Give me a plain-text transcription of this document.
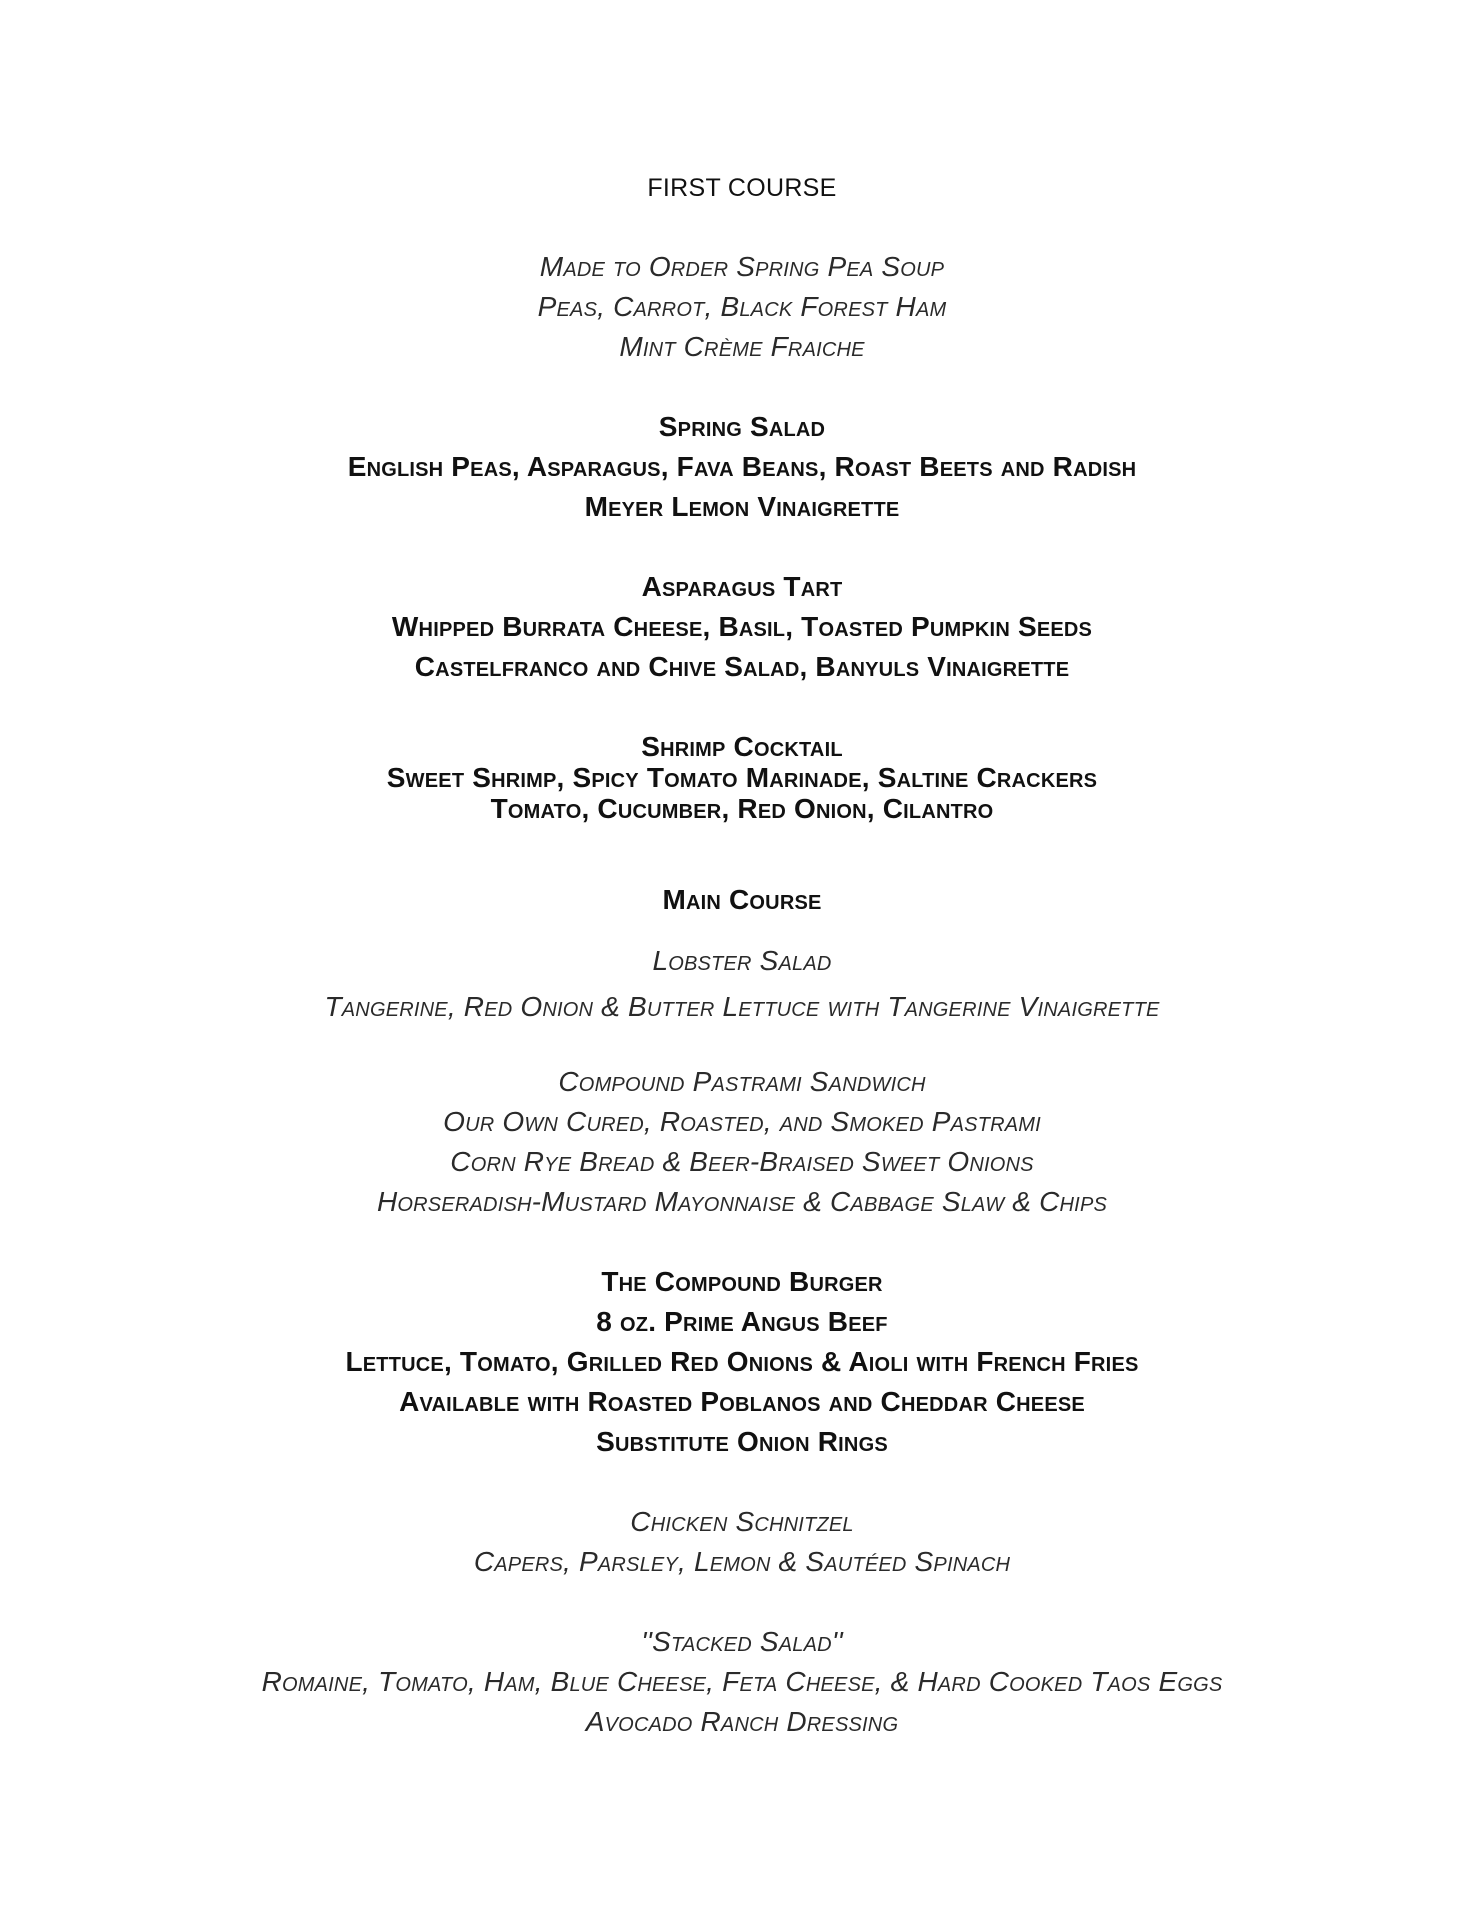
FIRST COURSE
Made to Order Spring Pea Soup
Peas, Carrot, Black Forest Ham
Mint Crème Fraiche
Spring Salad
English Peas, Asparagus, Fava Beans, Roast Beets and Radish
Meyer Lemon Vinaigrette
Asparagus Tart
Whipped Burrata Cheese, Basil, Toasted Pumpkin Seeds
Castelfranco and Chive Salad, Banyuls Vinaigrette
Shrimp Cocktail
Sweet Shrimp, Spicy Tomato Marinade, Saltine Crackers
Tomato, Cucumber, Red Onion, Cilantro
Main Course
Lobster Salad
Tangerine, Red Onion & Butter Lettuce with Tangerine Vinaigrette
Compound Pastrami Sandwich
Our Own Cured, Roasted, and Smoked Pastrami
Corn Rye Bread & Beer-Braised Sweet Onions
Horseradish-Mustard Mayonnaise & Cabbage Slaw & Chips
The Compound Burger
8 oz. Prime Angus Beef
Lettuce, Tomato, Grilled Red Onions & Aioli with French Fries
Available with Roasted Poblanos and Cheddar Cheese
Substitute Onion Rings
Chicken Schnitzel
Capers, Parsley, Lemon & Sautéed Spinach
''Stacked Salad''
Romaine, Tomato, Ham, Blue Cheese, Feta Cheese, & Hard Cooked Taos Eggs
Avocado Ranch Dressing
